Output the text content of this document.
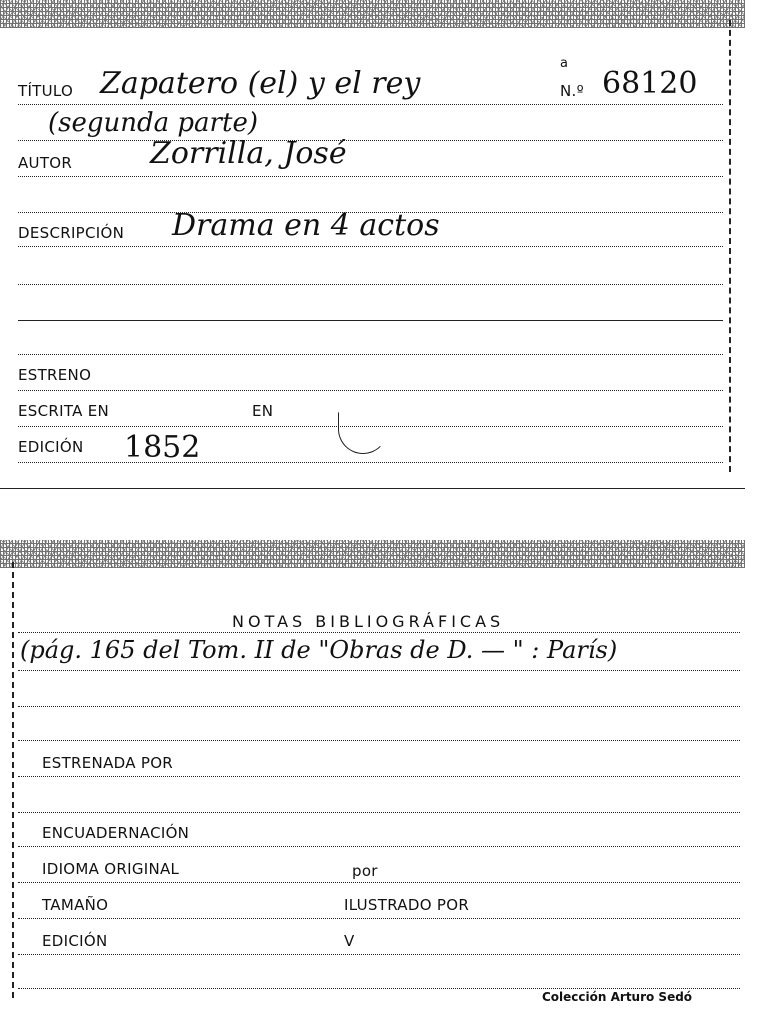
TÍTULO Zapatero (el) y el rey
a
N.º 68120
(segunda parte)
AUTOR	Zorrilla, José
DESCRIPCIÓN Drama en 4 actos
ESTRENO
ESCRITA EN	EN
EDICIÓN 1852
NOTAS BIBLIOGRÁFICAS
(pág. 165 del Tom. II de "Obras de D. — " : París)
ESTRENADA POR
ENCUADERNACIÓN
IDIOMA ORIGINAL	por
TAMAÑO	ILUSTRADO POR
EDICIÓN	V
Colección Arturo Sedó
